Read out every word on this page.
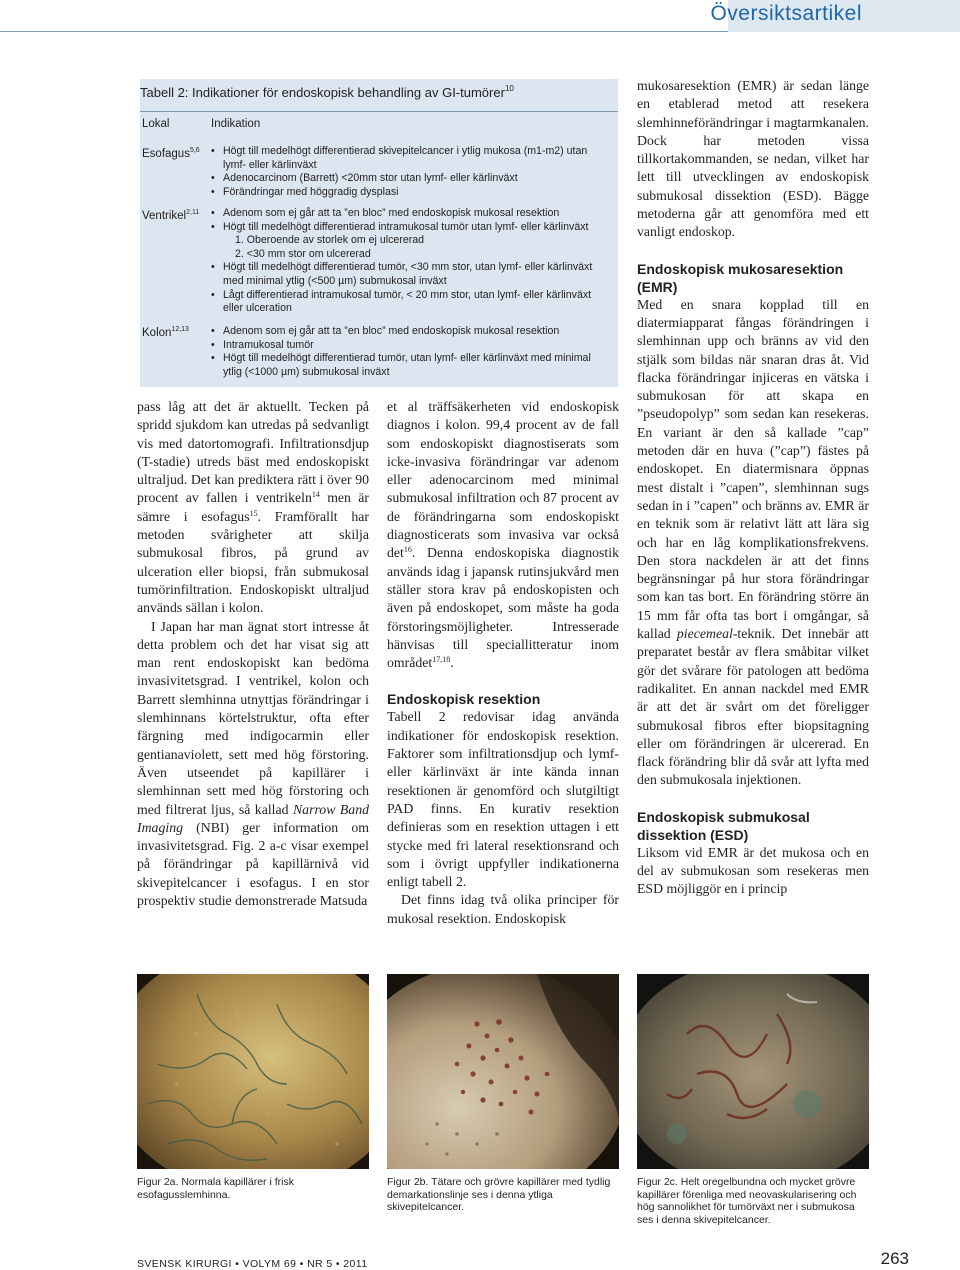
Översiktsartikel
Tabell 2: Indikationer för endoskopisk behandling av GI-tumörer$^{10}$
Lokal	Indikation
Esofagus$^{5,6}$	• Högt till medelhögt differentierad skivepitelcancer i ytlig mukosa (m1-m2) utan
lymf- eller kärlinväxt
• Adenocarcinom (Barrett) <20mm stor utan lymf- eller kärlinväxt
• Förändringar med höggradig dysplasi
Ventrikel$^{2,11}$	• Adenom som ej går att ta ”en bloc” med endoskopisk mukosal resektion
• Högt till medelhögt differentierad intramukosal tumör utan lymf- eller kärlinväxt
1. Oberoende av storlek om ej ulcererad
2. <30 mm stor om ulcererad
• Högt till medelhögt differentierad tumör, <30 mm stor, utan lymf- eller kärlinväxt
med minimal ytlig (<500 µm) submukosal inväxt
• Lågt differentierad intramukosal tumör, < 20 mm stor, utan lymf- eller kärlinväxt
eller ulceration
Kolon$^{12,13}$	• Adenom som ej går att ta ”en bloc” med endoskopisk mukosal resektion
• Intramukosal tumör
• Högt till medelhögt differentierad tumör, utan lymf- eller kärlinväxt med minimal
ytlig (<1000 µm) submukosal inväxt

pass låg att det är aktuellt. Tecken på spridd sjukdom kan utredas på sedvanligt vis med datortomografi. Infiltrationsdjup (T-stadie) utreds bäst med endoskopiskt ultraljud. Det kan prediktera rätt i över 90 procent av fallen i ventrikeln$^{14}$ men är sämre i esofagus$^{15}$. Framförallt har metoden svårigheter att skilja submukosal fibros, på grund av ulceration eller biopsi, från submukosal tumörinfiltration. Endoskopiskt ultraljud används sällan i kolon.

I Japan har man ägnat stort intresse åt detta problem och det har visat sig att man rent endoskopiskt kan bedöma invasivitetsgrad. I ventrikel, kolon och Barrett slemhinna utnyttjas förändringar i slemhinnans körtelstruktur, ofta efter färgning med indigocarmin eller gentianaviolett, sett med hög förstoring. Även utseendet på kapillärer i slemhinnan sett med hög förstoring och med filtrerat ljus, så kallad Narrow Band Imaging (NBI) ger information om invasivitetsgrad. Fig. 2 a-c visar exempel på förändringar på kapillärnivå vid skivepitelcancer i esofagus. I en stor prospektiv studie demonstrerade Matsuda

et al träffsäkerheten vid endoskopisk diagnos i kolon. 99,4 procent av de fall som endoskopiskt diagnostiserats som icke-invasiva förändringar var adenom eller adenocarcinom med minimal submukosal infiltration och 87 procent av de förändringarna som endoskopiskt diagnosticerats som invasiva var också $\det^{16}$. Denna endoskopiska diagnostik används idag i japansk rutinsjukvård men ställer stora krav på endoskopisten och även på endoskopet, som måste ha goda förstoringsmöjligheter. Intresserade hänvisas till speciallitteratur inom området$^{17,18}$.

Endoskopisk resektion

Tabell 2 redovisar idag använda indikationer för endoskopisk resektion. Faktorer som infiltrationsdjup och lymf- eller kärlinväxt är inte kända innan resektionen är genomförd och slutgiltigt PAD finns. En kurativ resektion definieras som en resektion uttagen i ett stycke med fri lateral resektionsrand och som i övrigt uppfyller indikationerna enligt tabell 2.

Det finns idag två olika principer för mukosal resektion. Endoskopisk

mukosaresektion (EMR) är sedan länge en etablerad metod att resekera slemhinneförändringar i magtarmkanalen. Dock har metoden vissa tillkortakommanden, se nedan, vilket har lett till utvecklingen av endoskopisk submukosal dissektion (ESD). Bägge metoderna går att genomföra med ett vanligt endoskop.

Endoskopisk mukosaresektion (EMR)

Med en snara kopplad till en diatermiapparat fångas förändringen i slemhinnan upp och bränns av vid den stjälk som bildas när snaran dras åt. Vid flacka förändringar injiceras en vätska i submukosan för att skapa en ”pseudopolyp” som sedan kan resekeras. En variant är den så kallade ”cap” metoden där en huva (”cap”) fästes på endoskopet. En diatermisnara öppnas mest distalt i ”capen”, slemhinnan sugs sedan in i ”capen” och bränns av. EMR är en teknik som är relativt lätt att lära sig och har en låg komplikationsfrekvens. Den stora nackdelen är att det finns begränsningar på hur stora förändringar som kan tas bort. En förändring större än 15 mm får ofta tas bort i omgångar, så kallad piecemeal-teknik. Det innebär att preparatet består av flera småbitar vilket gör det svårare för patologen att bedöma radikalitet. En annan nackdel med EMR är att det är svårt om det föreligger submukosal fibros efter biopsitagning eller om förändringen är ulcererad. En flack förändring blir då svår att lyfta med den submukosala injektionen.

Endoskopisk submukosal dissektion (ESD)

Liksom vid EMR är det mukosa och en del av submukosan som resekeras men ESD möjliggör en i princip

Figur 2a. Normala kapillärer i frisk esofagusslemhinna.
Figur 2b. Tätare och grövre kapillärer med tydlig demarkationslinje ses i denna ytliga skivepitelcancer.
Figur 2c. Helt oregelbundna och mycket grövre kapillärer förenliga med neovaskularisering och hög sannolikhet för tumörväxt ner i submukosa ses i denna skivepitelcancer.
SVENSK KIRURGI • VOLYM 69 • NR 5 • 2011	263
